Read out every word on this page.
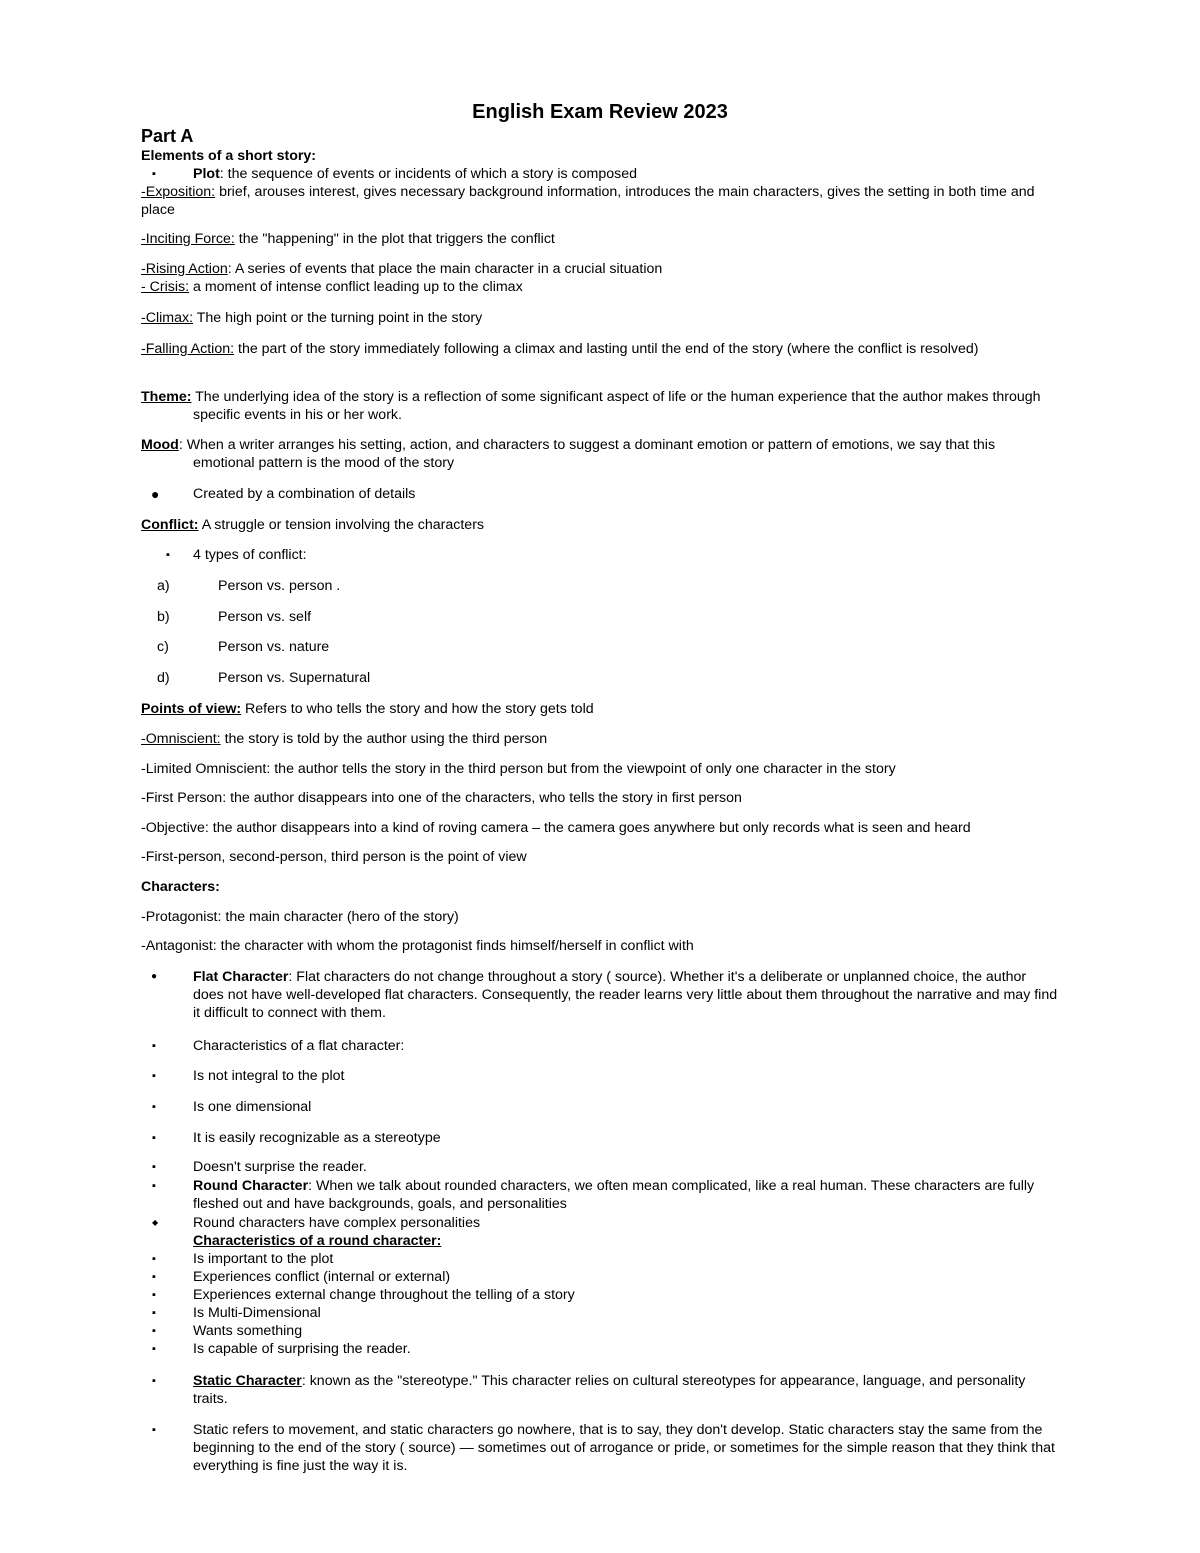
English Exam Review 2023
Part A
Elements of a short story:
▪	Plot: the sequence of events or incidents of which a story is composed
-Exposition: brief, arouses interest, gives necessary background information, introduces the main characters, gives the setting in both time and place
-Inciting Force: the "happening" in the plot that triggers the conflict
-Rising Action: A series of events that place the main character in a crucial situation
- Crisis: a moment of intense conflict leading up to the climax
-Climax: The high point or the turning point in the story
-Falling Action: the part of the story immediately following a climax and lasting until the end of the story (where the conflict is resolved)
Theme: The underlying idea of the story is a reflection of some significant aspect of life or the human experience that the author makes through specific events in his or her work.
Mood: When a writer arranges his setting, action, and characters to suggest a dominant emotion or pattern of emotions, we say that this emotional pattern is the mood of the story
● Created by a combination of details
Conflict: A struggle or tension involving the characters
▪ 4 types of conflict:
a)	Person vs. person .
b)	Person vs. self
c)	Person vs. nature
d)	Person vs. Supernatural
Points of view: Refers to who tells the story and how the story gets told
-Omniscient: the story is told by the author using the third person
-Limited Omniscient: the author tells the story in the third person but from the viewpoint of only one character in the story
-First Person: the author disappears into one of the characters, who tells the story in first person
-Objective: the author disappears into a kind of roving camera – the camera goes anywhere but only records what is seen and heard
-First-person, second-person, third person is the point of view
Characters:
-Protagonist: the main character (hero of the story)
-Antagonist: the character with whom the protagonist finds himself/herself in conflict with
●	Flat Character: Flat characters do not change throughout a story ( source). Whether it's a deliberate or unplanned choice, the author does not have well-developed flat characters. Consequently, the reader learns very little about them throughout the narrative and may find it difficult to connect with them.
▪	Characteristics of a flat character:
▪	Is not integral to the plot
▪	Is one dimensional
▪	It is easily recognizable as a stereotype
▪	Doesn't surprise the reader.
▪	Round Character: When we talk about rounded characters, we often mean complicated, like a real human. These characters are fully fleshed out and have backgrounds, goals, and personalities
◆ Round characters have complex personalities
Characteristics of a round character:
▪	Is important to the plot
▪	Experiences conflict (internal or external)
▪	Experiences external change throughout the telling of a story
▪	Is Multi-Dimensional
▪	Wants something
▪	Is capable of surprising the reader.
▪	Static Character: known as the "stereotype." This character relies on cultural stereotypes for appearance, language, and personality traits.
▪	Static refers to movement, and static characters go nowhere, that is to say, they don't develop. Static characters stay the same from the beginning to the end of the story ( source) — sometimes out of arrogance or pride, or sometimes for the simple reason that they think that everything is fine just the way it is.
